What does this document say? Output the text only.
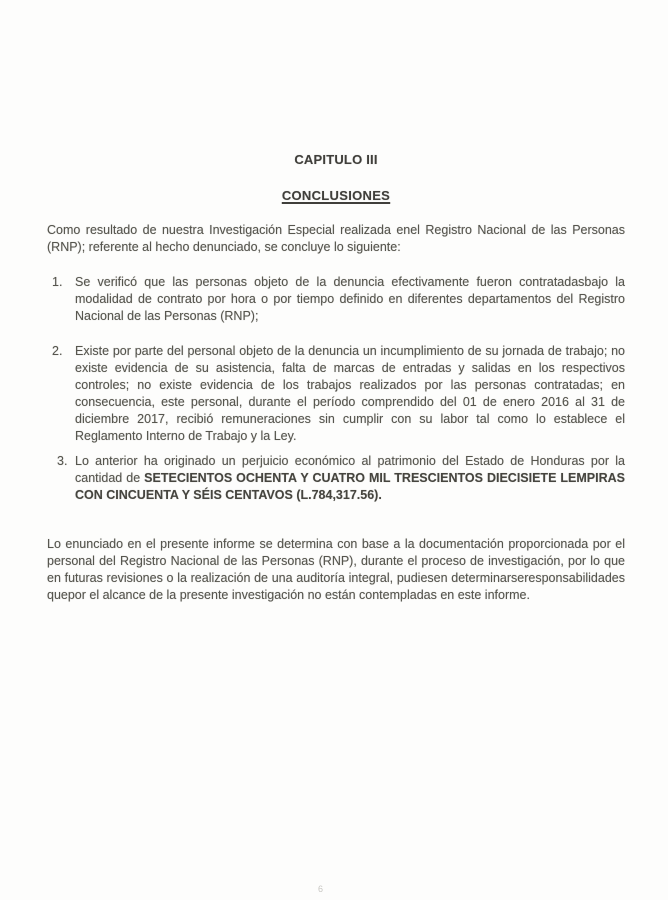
CAPITULO III
CONCLUSIONES

Como resultado de nuestra Investigación Especial realizada enel Registro Nacional de las Personas (RNP); referente al hecho denunciado, se concluye lo siguiente:

1.	Se verificó que las personas objeto de la denuncia efectivamente fueron contratadasbajo la modalidad de contrato por hora o por tiempo definido en diferentes departamentos del Registro Nacional de las Personas (RNP);
2.	Existe por parte del personal objeto de la denuncia un incumplimiento de su jornada de trabajo; no existe evidencia de su asistencia, falta de marcas de entradas y salidas en los respectivos controles; no existe evidencia de los trabajos realizados por las personas contratadas; en consecuencia, este personal, durante el período comprendido del 01 de enero 2016 al 31 de diciembre 2017, recibió remuneraciones sin cumplir con su labor tal como lo establece el Reglamento Interno de Trabajo y la Ley.
3. Lo anterior ha originado un perjuicio económico al patrimonio del Estado de Honduras por la cantidad de SETECIENTOS OCHENTA Y CUATRO MIL TRESCIENTOS DIECISIETE LEMPIRAS CON CINCUENTA Y SÉIS CENTAVOS (L.784,317.56).

Lo enunciado en el presente informe se determina con base a la documentación proporcionada por el personal del Registro Nacional de las Personas (RNP), durante el proceso de investigación, por lo que en futuras revisiones o la realización de una auditoría integral, pudiesen determinarseresponsabilidades quepor el alcance de la presente investigación no están contempladas en este informe.

6
